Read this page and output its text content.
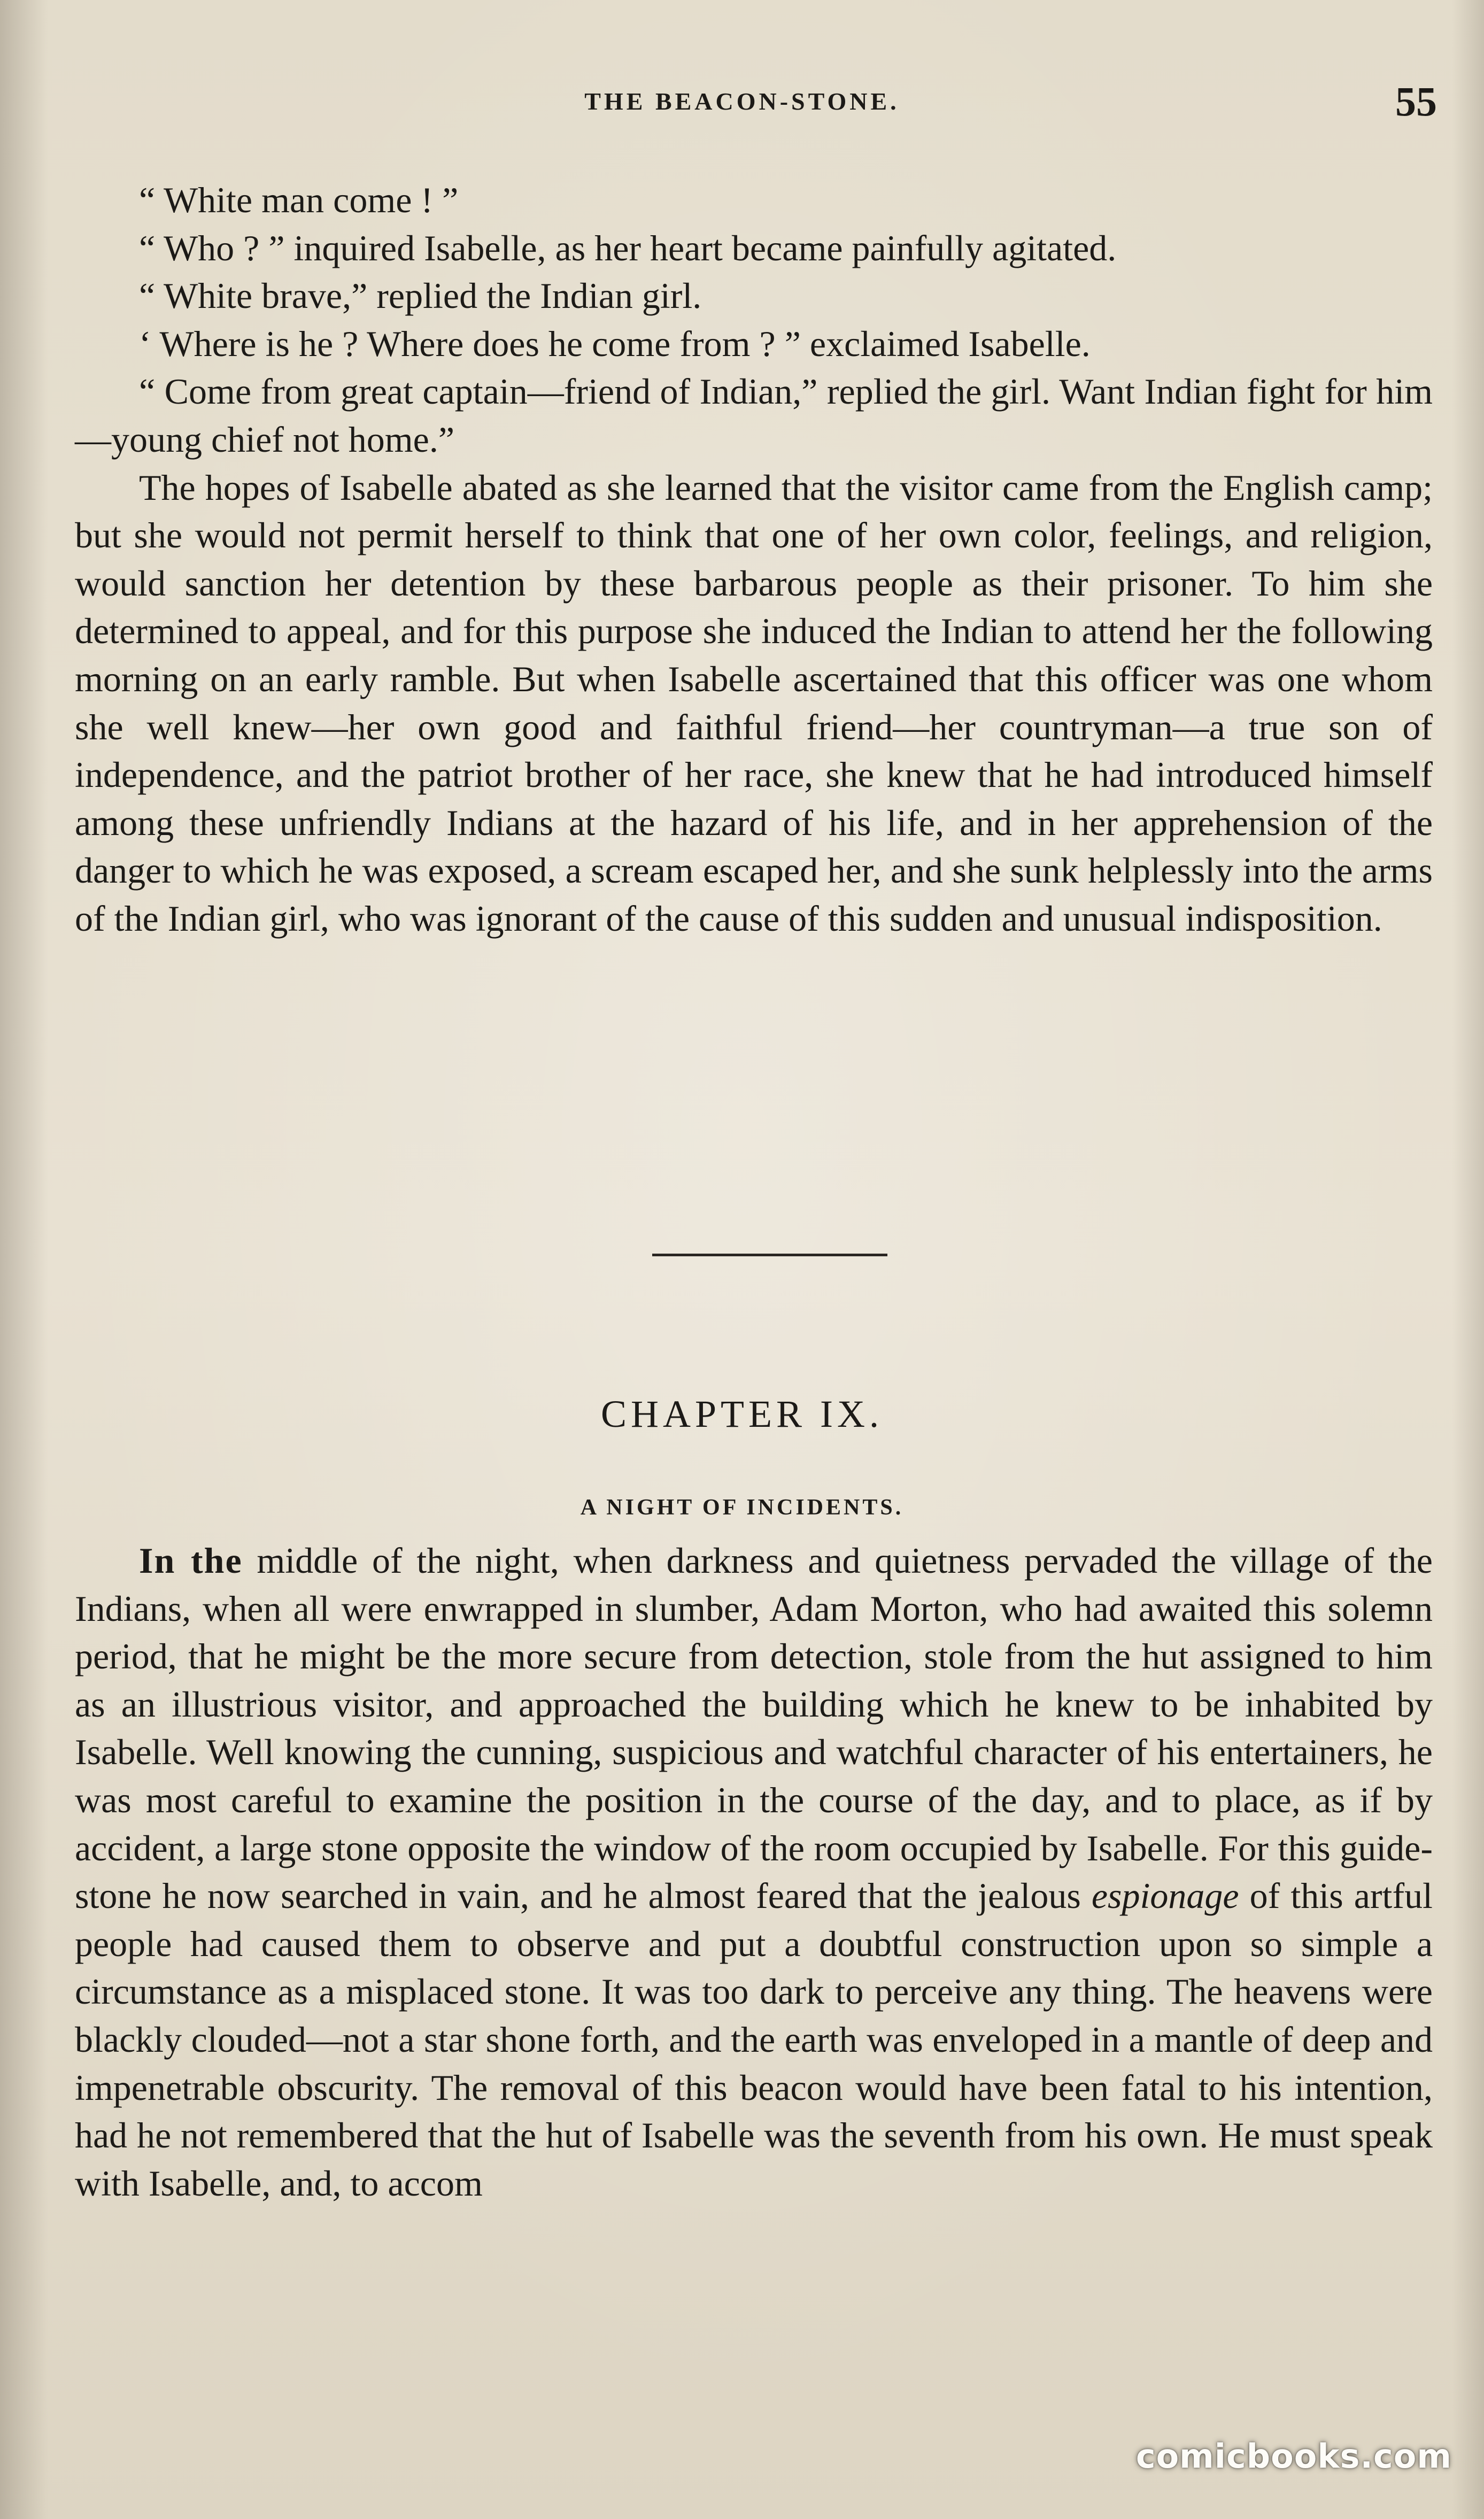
THE BEACON-STONE.	55

“ White man come ! ”

“ Who ? ” inquired Isabelle, as her heart became painfully agitated.

“ White brave,” replied the Indian girl.

‘ Where is he ? Where does he come from ? ” exclaimed Isabelle.

“ Come from great captain—friend of Indian,” replied the girl. Want Indian fight for him—young chief not home.”

The hopes of Isabelle abated as she learned that the visitor came from the English camp; but she would not permit herself to think that one of her own color, feelings, and religion, would sanction her detention by these barbarous people as their prisoner. To him she determined to appeal, and for this purpose she induced the Indian to attend her the following morning on an early ramble. But when Isabelle ascertained that this officer was one whom she well knew—her own good and faithful friend—her countryman—a true son of independence, and the patriot brother of her race, she knew that he had introduced himself among these unfriendly Indians at the hazard of his life, and in her apprehension of the danger to which he was exposed, a scream escaped her, and she sunk helplessly into the arms of the Indian girl, who was ignorant of the cause of this sudden and unusual indisposition.

CHAPTER IX.
A NIGHT OF INCIDENTS.

In the middle of the night, when darkness and quietness pervaded the village of the Indians, when all were enwrapped in slumber, Adam Morton, who had awaited this solemn period, that he might be the more secure from detection, stole from the hut assigned to him as an illustrious visitor, and approached the building which he knew to be inhabited by Isabelle. Well knowing the cunning, suspicious and watchful character of his entertainers, he was most careful to examine the position in the course of the day, and to place, as if by accident, a large stone opposite the window of the room occupied by Isabelle. For this guide-stone he now searched in vain, and he almost feared that the jealous espionage of this artful people had caused them to observe and put a doubtful construction upon so simple a circumstance as a misplaced stone. It was too dark to perceive any thing. The heavens were blackly clouded—not a star shone forth, and the earth was enveloped in a mantle of deep and impenetrable obscurity. The removal of this beacon would have been fatal to his intention, had he not remembered that the hut of Isabelle was the seventh from his own. He must speak with Isabelle, and, to accom

comicbooks.com
